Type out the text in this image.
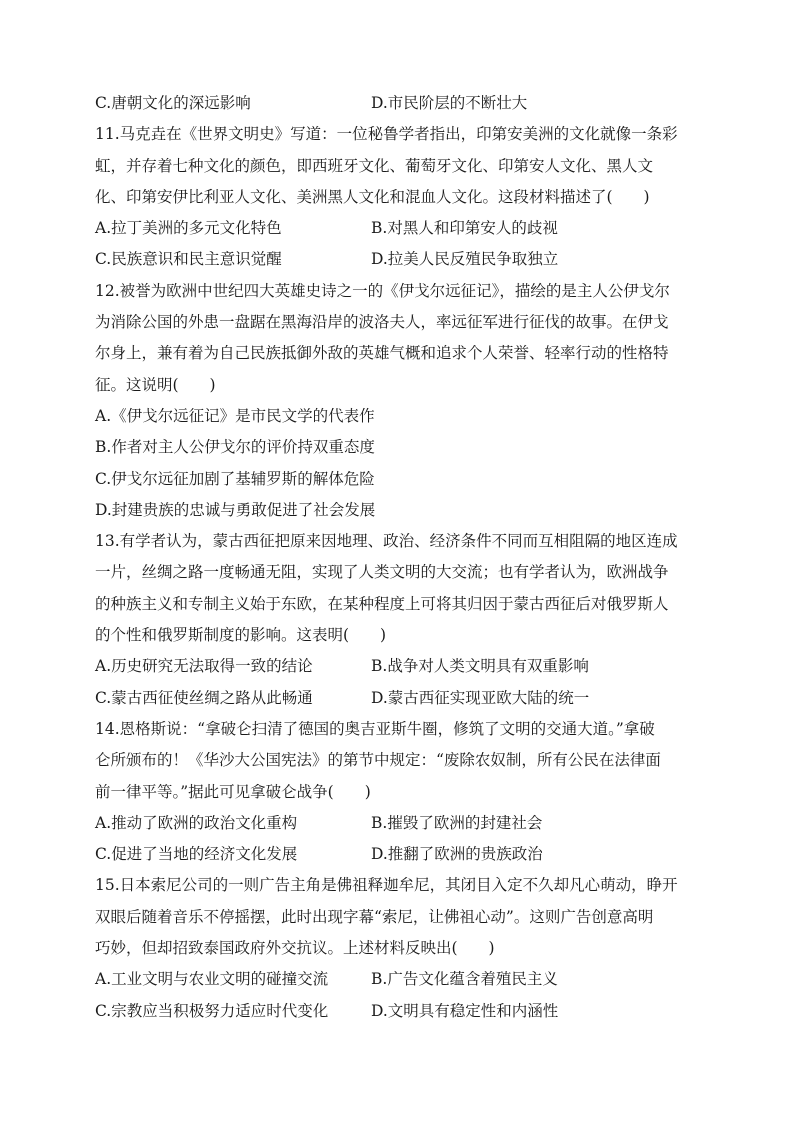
C.唐朝文化的深远影响	D.市民阶层的不断壮大
11.马克垚在《世界文明史》写道：一位秘鲁学者指出，印第安美洲的文化就像一条彩
虹，并存着七种文化的颜色，即西班牙文化、葡萄牙文化、印第安人文化、黑人文
化、印第安伊比利亚人文化、美洲黑人文化和混血人文化。这段材料描述了(　　)
A.拉丁美洲的多元文化特色	B.对黑人和印第安人的歧视
C.民族意识和民主意识觉醒	D.拉美人民反殖民争取独立
12.被誉为欧洲中世纪四大英雄史诗之一的《伊戈尔远征记》，描绘的是主人公伊戈尔
为消除公国的外患一盘踞在黑海沿岸的波洛夫人，率远征军进行征伐的故事。在伊戈
尔身上，兼有着为自己民族抵御外敌的英雄气概和追求个人荣誉、轻率行动的性格特
征。这说明(　　)
A.《伊戈尔远征记》是市民文学的代表作
B.作者对主人公伊戈尔的评价持双重态度
C.伊戈尔远征加剧了基辅罗斯的解体危险
D.封建贵族的忠诚与勇敢促进了社会发展
13.有学者认为，蒙古西征把原来因地理、政治、经济条件不同而互相阻隔的地区连成
一片，丝绸之路一度畅通无阻，实现了人类文明的大交流；也有学者认为，欧洲战争
的种族主义和专制主义始于东欧，在某种程度上可将其归因于蒙古西征后对俄罗斯人
的个性和俄罗斯制度的影响。这表明(　　)
A.历史研究无法取得一致的结论	B.战争对人类文明具有双重影响
C.蒙古西征使丝绸之路从此畅通	D.蒙古西征实现亚欧大陆的统一
14.恩格斯说：“拿破仑扫清了德国的奥吉亚斯牛圈，修筑了文明的交通大道。”拿破
仑所颁布的！《华沙大公国宪法》的第节中规定：“废除农奴制，所有公民在法律面
前一律平等。”据此可见拿破仑战争(　　)
A.推动了欧洲的政治文化重构	B.摧毁了欧洲的封建社会
C.促进了当地的经济文化发展	D.推翻了欧洲的贵族政治
15.日本索尼公司的一则广告主角是佛祖释迦牟尼，其闭目入定不久却凡心萌动，睁开
双眼后随着音乐不停摇摆，此时出现字幕“索尼，让佛祖心动”。这则广告创意高明
巧妙，但却招致泰国政府外交抗议。上述材料反映出(　　)
A.工业文明与农业文明的碰撞交流	B.广告文化蕴含着殖民主义
C.宗教应当积极努力适应时代变化	D.文明具有稳定性和内涵性
